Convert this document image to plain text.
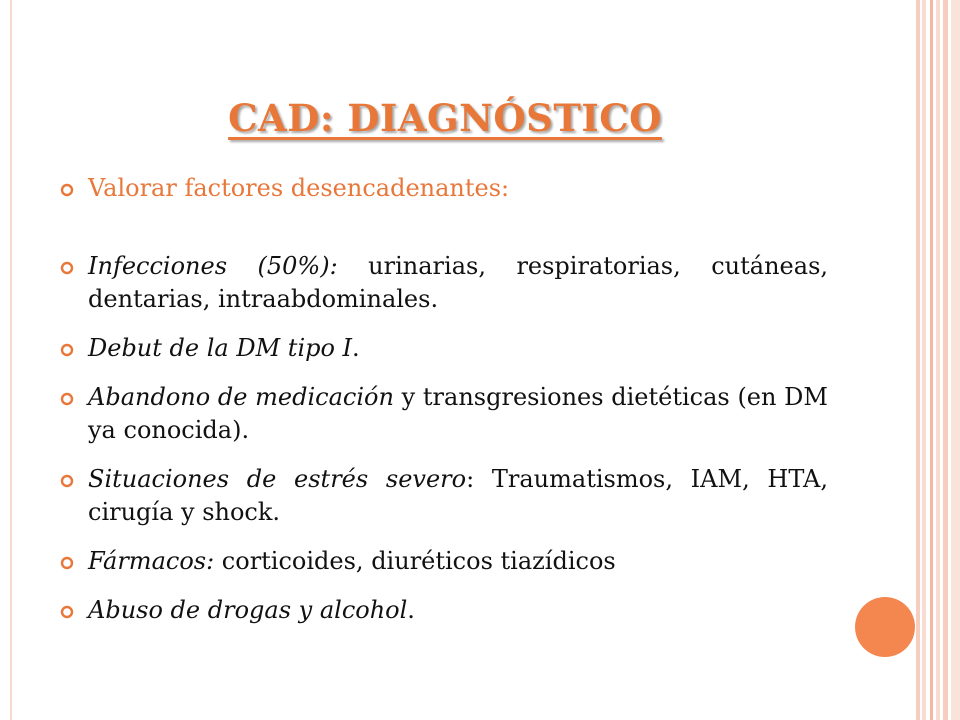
CAD: DIAGNÓSTICO
Valorar factores desencadenantes:
Infecciones (50%): urinarias, respiratorias, cutáneas, dentarias, intraabdominales.
Debut de la DM tipo I.
Abandono de medicación y transgresiones dietéticas (en DM ya conocida).
Situaciones de estrés severo: Traumatismos, IAM, HTA, cirugía y shock.
Fármacos: corticoides, diuréticos tiazídicos
Abuso de drogas y alcohol.
